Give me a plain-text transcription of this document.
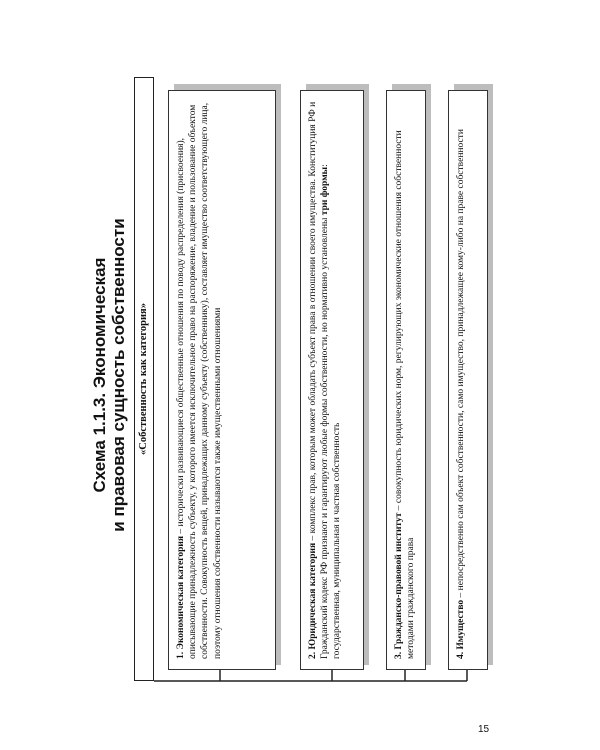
Схема 1.1.3. Экономическая и правовая сущность собственности «Собственность как категория»
1. Экономическая категория – исторически развивающиеся общественные отношения по поводу распределения (присвоения), описывающие принадлежность субъекту, у которого имеется исключительное право на распоряжение, владение и пользование объектом собственности. Совокупность вещей, принадлежащих данному субъекту (собственнику), составляет имущество соответствующего лица, поэтому отношения собственности называются также имущественными отношениями	2. Юридическая категория – комплекс прав, которым может обладать субъект права в отношении своего имущества. Конституция РФ и Гражданский кодекс РФ признают и гарантируют любые формы собственности, но нормативно установлены три формы: государственная, муниципальная и частная собственность	3. Гражданско-правовой институт – совокупность юридических норм, регулирующих экономические отношения собственности методами гражданского права	4. Имущество – непосредственно сам объект собственности, само имущество, принадлежащее кому-либо на праве собственности
15
